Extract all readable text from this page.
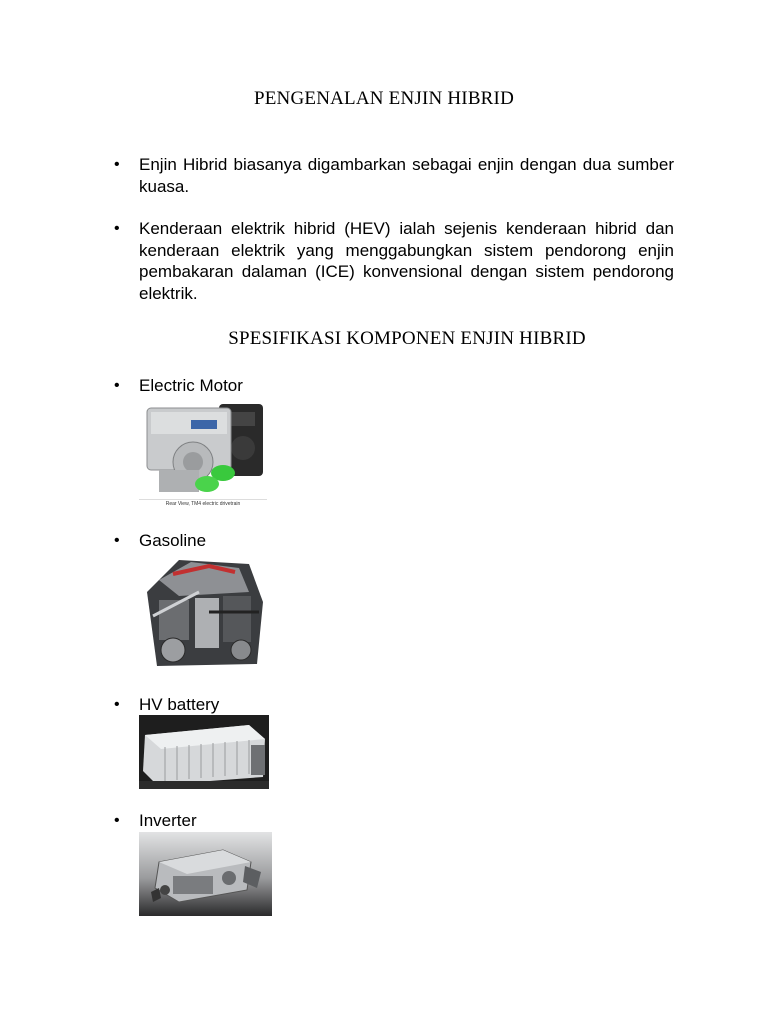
PENGENALAN ENJIN HIBRID
• Enjin Hibrid biasanya digambarkan sebagai enjin dengan dua sumber kuasa.
• Kenderaan elektrik hibrid (HEV) ialah sejenis kenderaan hibrid dan kenderaan elektrik yang menggabungkan sistem pendorong enjin pembakaran dalaman (ICE) konvensional dengan sistem pendorong elektrik.
SPESIFIKASI KOMPONEN ENJIN HIBRID
• Electric Motor
Rear View, TM4 electric drivetrain
• Gasoline
• HV battery
• Inverter
